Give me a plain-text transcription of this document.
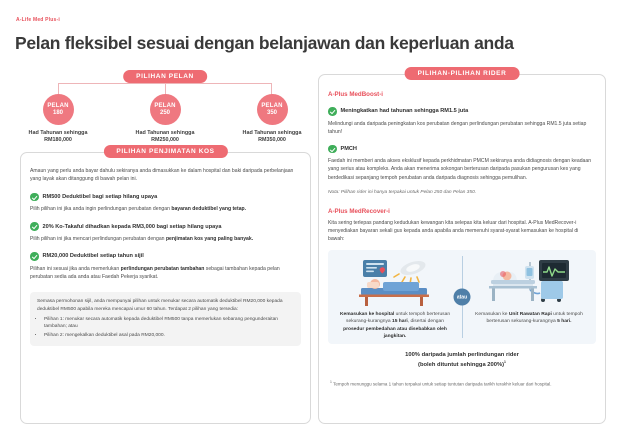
A-Life Med Plus-i
Pelan fleksibel sesuai dengan belanjawan dan keperluan anda
PILIHAN PELAN
PELAN
180
Had Tahunan sehingga
RM180,000
PELAN
250
Had Tahunan sehingga
RM250,000
PELAN
350
Had Tahunan sehingga
RM350,000
PILIHAN PENJIMATAN KOS
Amaun yang perlu anda bayar dahulu sekiranya anda dimasukkan ke dalam hospital dan baki daripada perbelanjaan yang layak akan ditanggung di bawah pelan ini.
RM500 Deduktibel bagi setiap hilang upaya
Pilih pilihan ini jika anda ingin perlindungan perubatan dengan bayaran deduktibel yang tetap.
20% Ko-Takaful dihadkan kepada RM3,000 bagi setiap hilang upaya
Pilih pilihan ini jika mencari perlindungan perubatan dengan penjimatan kos yang paling banyak.
RM20,000 Deduktibel setiap tahun sijil
Pilihan ini sesuai jika anda memerlukan perlindungan perubatan tambahan sebagai tambahan kepada pelan perubatan sedia ada anda atau Faedah Pekerja syarikat.
Semasa permohonan sijil, anda mempunyai pilihan untuk menukar secara automatik deduktibel RM20,000 kepada deduktibel RM500 apabila mereka mencapai umur 60 tahun. Terdapat 2 pilihan yang tersedia:
• Pilihan 1: menukar secara automatik kepada deduktibel RM500 tanpa memerlukan sebarang pengunderaitan tambahan; atau
• Pilihan 2: mengekalkan deduktibel asal pada RM20,000.
PILIHAN-PILIHAN RIDER
A-Plus MedBoost-i
Meningkatkan had tahunan sehingga RM1.5 juta
Melindungi anda daripada peningkatan kos perubatan dengan perlindungan perubatan sehingga RM1.5 juta setiap tahun!
PMCH
Faedah ini memberi anda akses eksklusif kepada perkhidmatan PMCM sekiranya anda didiagnosis dengan keadaan yang serius atau kompleks. Anda akan menerima sokongan berterusan daripada pasukan pengurusan kes yang berdedikasi sepanjang tempoh perubatan anda daripada diagnosis sehingga pemulihan.
Nota: Pilihan rider ini hanya terpakai untuk Pelan 250 dan Pelan 350.
A-Plus MedRecover-i
Kita sering terlepas pandang kedudukan kewangan kita selepas kita keluar dari hospital. A-Plus MedRecover-i menyediakan bayaran sekali gus kepada anda apabila anda memenuhi syarat-syarat kemasukan ke hospital di bawah:
atau
Kemasukan ke hospital untuk tempoh berterusan sekurang-kurangnya 15 hari, disertai dengan prosedur pembedahan atau disebabkan oleh jangkitan.
Kemasukan ke Unit Rawatan Rapi untuk tempoh berterusan sekurang-kurangnya 5 hari.
100% daripada jumlah perlindungan rider
(boleh dituntut sehingga 200%)$^1$
$^1$ Tempoh menunggu selama 1 tahun terpakai untuk setiap tuntutan daripada tarikh terakhir keluar dari hospital.
